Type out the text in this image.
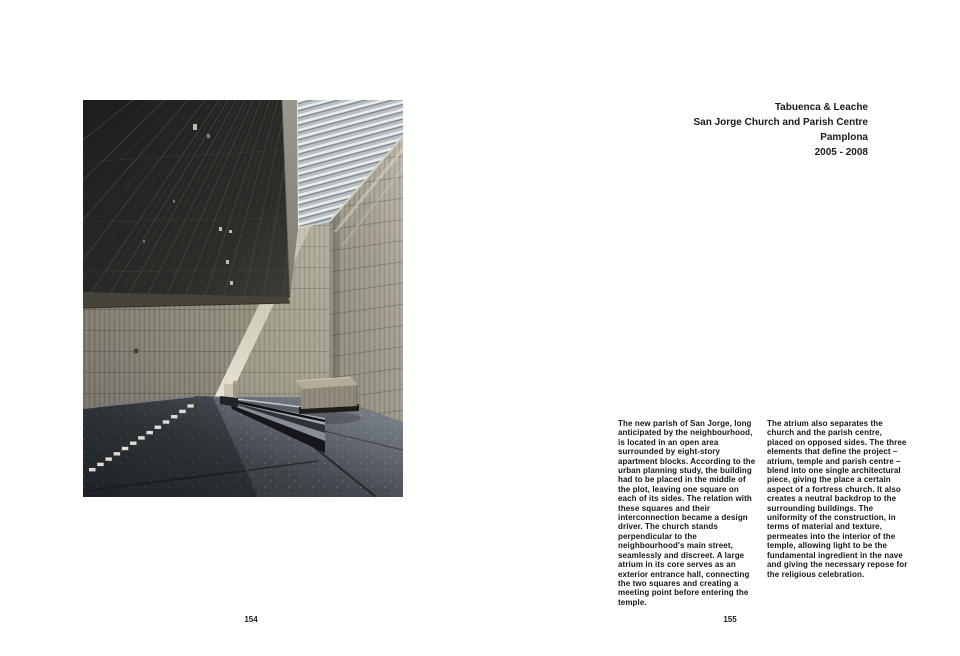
154
Tabuenca & Leache
San Jorge Church and Parish Centre
Pamplona
2005 - 2008
The new parish of San Jorge, long anticipated by the neighbourhood, is located in an open area surrounded by eight-story apartment blocks. According to the urban planning study, the building had to be placed in the middle of the plot, leaving one square on each of its sides. The relation with these squares and their interconnection became a design driver. The church stands perpendicular to the neighbourhood's main street, seamlessly and discreet. A large atrium in its core serves as an exterior entrance hall, connecting the two squares and creating a meeting point before entering the temple.
The atrium also separates the church and the parish centre, placed on opposed sides. The three elements that define the project – atrium, temple and parish centre – blend into one single architectural piece, giving the place a certain aspect of a fortress church. It also creates a neutral backdrop to the surrounding buildings. The uniformity of the construction, in terms of material and texture, permeates into the interior of the temple, allowing light to be the fundamental ingredient in the nave and giving the necessary repose for the religious celebration.
155
